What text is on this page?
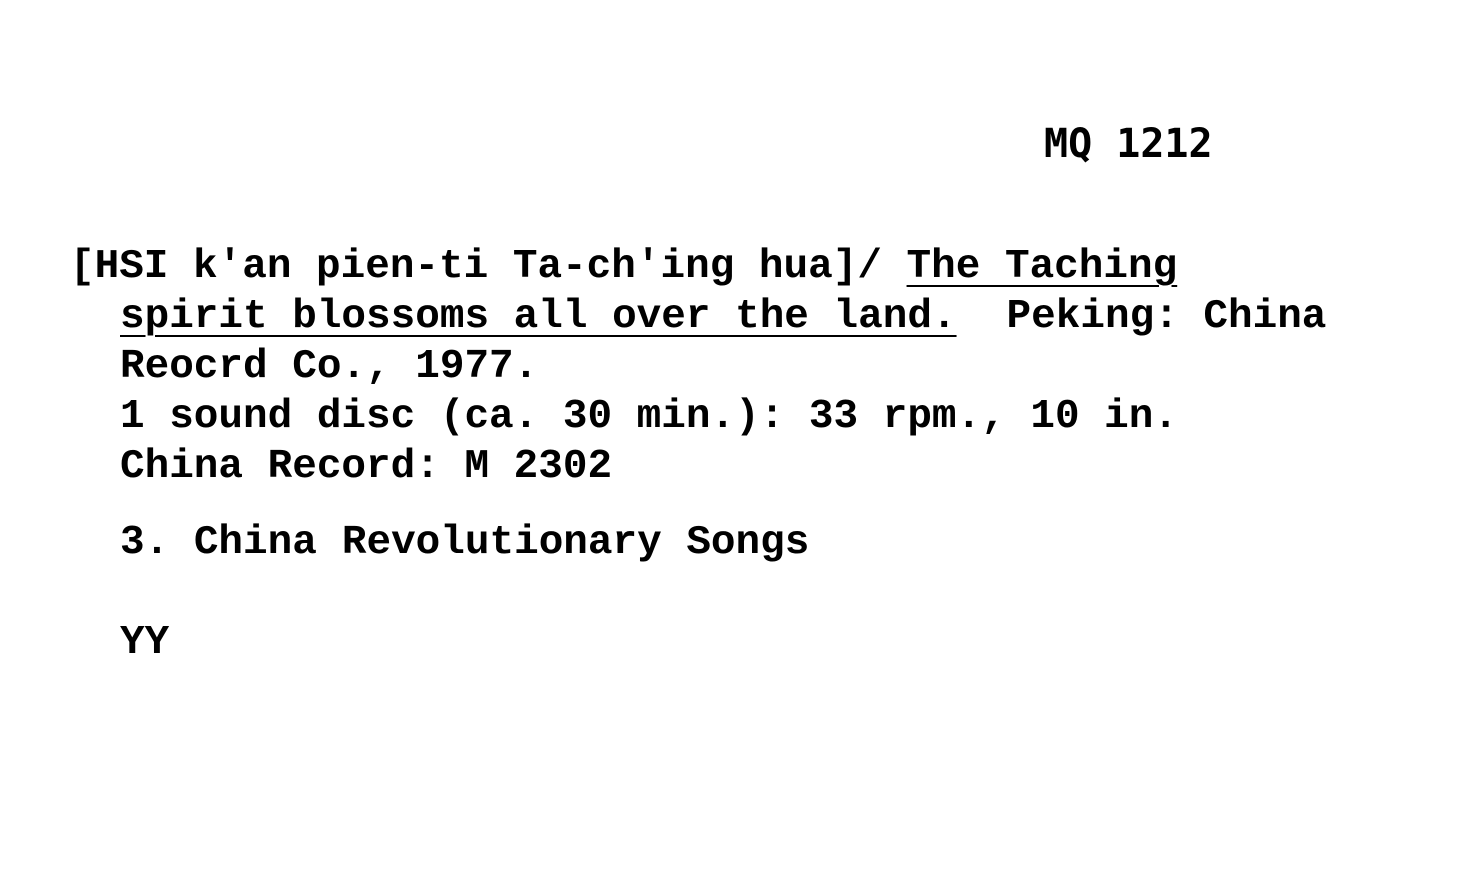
MQ 1212
[HSI k'an pien-ti Ta-ch'ing hua]/ The Taching
spirit blossoms all over the land. Peking: China
Reocrd Co., 1977.
1 sound disc (ca. 30 min.): 33 rpm., 10 in.
China Record: M 2302
3. China Revolutionary Songs
YY
